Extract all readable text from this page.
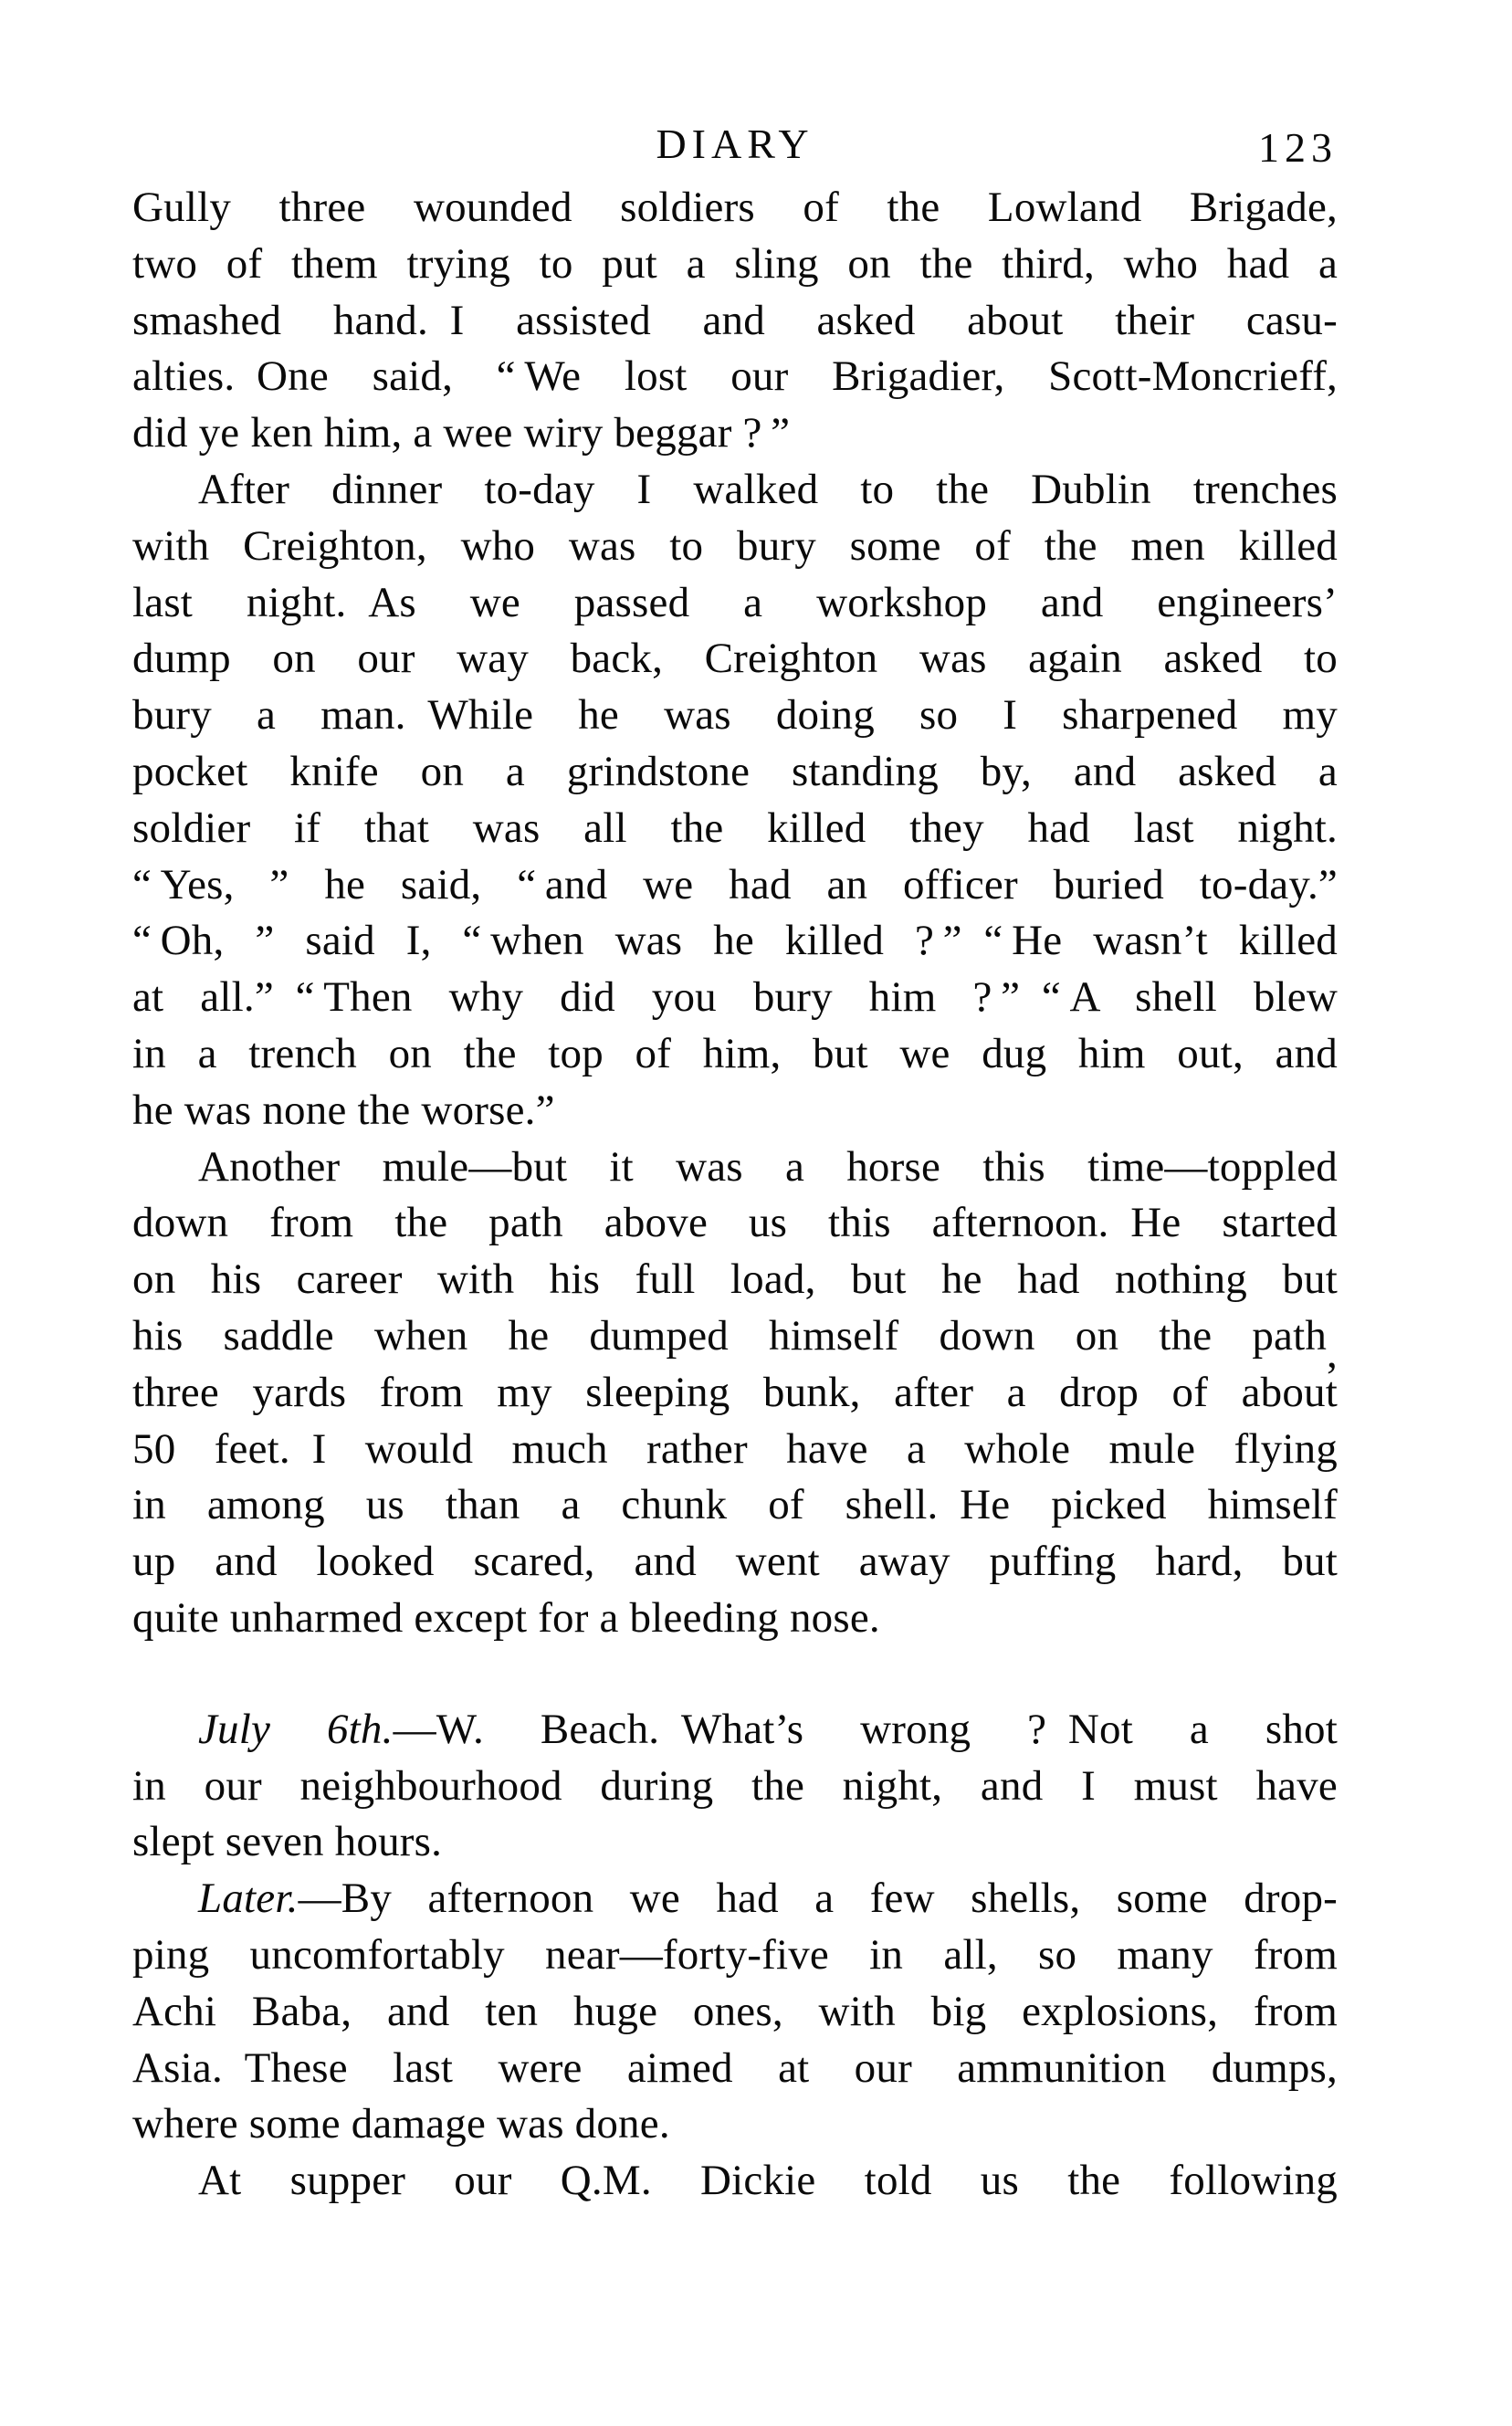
DIARY	123
Gully three wounded soldiers of the Lowland Brigade,
two of them trying to put a sling on the third, who had a
smashed hand. I assisted and asked about their casu-
alties. One said, “ We lost our Brigadier, Scott-Moncrieff,
did ye ken him, a wee wiry beggar ? ”
After dinner to-day I walked to the Dublin trenches
with Creighton, who was to bury some of the men killed
last night. As we passed a workshop and engineers’
dump on our way back, Creighton was again asked to
bury a man. While he was doing so I sharpened my
pocket knife on a grindstone standing by, and asked a
soldier if that was all the killed they had last night.
“ Yes, ” he said, “ and we had an officer buried to-day.”
“ Oh, ” said I, “ when was he killed ? ” “ He wasn’t killed
at all.” “ Then why did you bury him ? ” “ A shell blew
in a trench on the top of him, but we dug him out, and
he was none the worse.”
Another mule—but it was a horse this time—toppled
down from the path above us this afternoon. He started
on his career with his full load, but he had nothing but
his saddle when he dumped himself down on the path,
three yards from my sleeping bunk, after a drop of about
50 feet. I would much rather have a whole mule flying
in among us than a chunk of shell. He picked himself
up and looked scared, and went away puffing hard, but
quite unharmed except for a bleeding nose.
July 6th.—W. Beach. What’s wrong ? Not a shot
in our neighbourhood during the night, and I must have
slept seven hours.
Later.—By afternoon we had a few shells, some drop-
ping uncomfortably near—forty-five in all, so many from
Achi Baba, and ten huge ones, with big explosions, from
Asia. These last were aimed at our ammunition dumps,
where some damage was done.
At supper our Q.M. Dickie told us the following
